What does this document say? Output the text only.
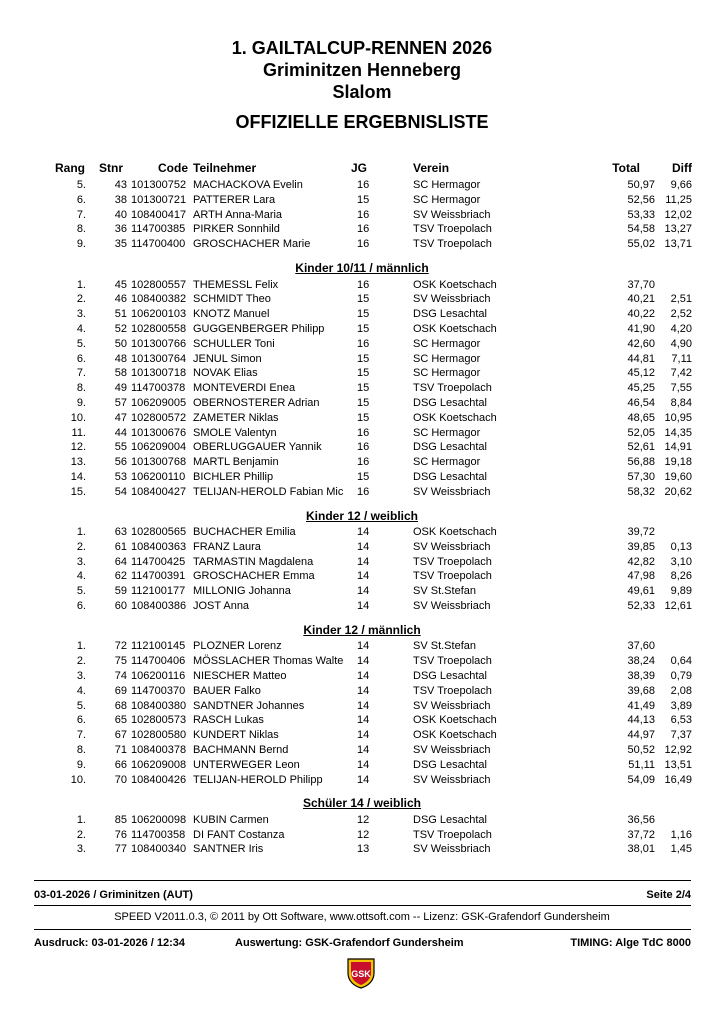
1. GAILTALCUP-RENNEN 2026
Griminitzen Henneberg
Slalom
OFFIZIELLE ERGEBNISLISTE
Rang Stnr	Code Teilnehmer	JG	Verein	Total	Diff
5.	43 101300752 MACHACKOVA Evelin	16	SC Hermagor	50,97 9,66
6.	38 101300721 PATTERER Lara	15	SC Hermagor	52,56 11,25
7.	40 108400417 ARTH Anna-Maria	16	SV Weissbriach	53,33 12,02
8.	36 114700385 PIRKER Sonnhild	16	TSV Troepolach	54,58 13,27
9.	35 114700400 GROSCHACHER Marie	16	TSV Troepolach	55,02 13,71
Kinder 10/11 / männlich
1.	45 102800557 THEMESSL Felix	16	OSK Koetschach	37,70
2.	46 108400382 SCHMIDT Theo	15	SV Weissbriach	40,21 2,51
3.	51 106200103 KNOTZ Manuel	15	DSG Lesachtal	40,22 2,52
4.	52 102800558 GUGGENBERGER Philipp	15	OSK Koetschach	41,90 4,20
5.	50 101300766 SCHULLER Toni	16	SC Hermagor	42,60 4,90
6.	48 101300764 JENUL Simon	15	SC Hermagor	44,81 7,11
7.	58 101300718 NOVAK Elias	15	SC Hermagor	45,12 7,42
8.	49 114700378 MONTEVERDI Enea	15	TSV Troepolach	45,25 7,55
9.	57 106209005 OBERNOSTERER Adrian	15	DSG Lesachtal	46,54 8,84
10.	47 102800572 ZAMETER Niklas	15	OSK Koetschach	48,65 10,95
11.	44 101300676 SMOLE Valentyn	16	SC Hermagor	52,05 14,35
12.	55 106209004 OBERLUGGAUER Yannik	16	DSG Lesachtal	52,61 14,91
13.	56 101300768 MARTL Benjamin	16	SC Hermagor	56,88 19,18
14.	53 106200110 BICHLER Phillip	15	DSG Lesachtal	57,30 19,60
15.	54 108400427 TELIJAN-HEROLD Fabian Mic 16	SV Weissbriach	58,32 20,62
Kinder 12 / weiblich
1.	63 102800565 BUCHACHER Emilia	14	OSK Koetschach	39,72
2.	61 108400363 FRANZ Laura	14	SV Weissbriach	39,85 0,13
3.	64 114700425 TARMASTIN Magdalena	14	TSV Troepolach	42,82 3,10
4.	62 114700391 GROSCHACHER Emma	14	TSV Troepolach	47,98 8,26
5.	59 112100177 MILLONIG Johanna	14	SV St.Stefan	49,61 9,89
6.	60 108400386 JOST Anna	14	SV Weissbriach	52,33 12,61
Kinder 12 / männlich
1.	72 112100145 PLOZNER Lorenz	14	SV St.Stefan	37,60
2.	75 114700406 MÖSSLACHER Thomas Walte 14	TSV Troepolach	38,24 0,64
3.	74 106200116 NIESCHER Matteo	14	DSG Lesachtal	38,39 0,79
4.	69 114700370 BAUER Falko	14	TSV Troepolach	39,68 2,08
5.	68 108400380 SANDTNER Johannes	14	SV Weissbriach	41,49 3,89
6.	65 102800573 RASCH Lukas	14	OSK Koetschach	44,13 6,53
7.	67 102800580 KUNDERT Niklas	14	OSK Koetschach	44,97 7,37
8.	71 108400378 BACHMANN Bernd	14	SV Weissbriach	50,52 12,92
9.	66 106209008 UNTERWEGER Leon	14	DSG Lesachtal	51,11 13,51
10.	70 108400426 TELIJAN-HEROLD Philipp	14	SV Weissbriach	54,09 16,49
Schüler 14 / weiblich
1.	85 106200098 KUBIN Carmen	12	DSG Lesachtal	36,56
2.	76 114700358 DI FANT Costanza	12	TSV Troepolach	37,72 1,16
3.	77 108400340 SANTNER Iris	13	SV Weissbriach	38,01 1,45
03-01-2026 / Griminitzen (AUT)	Seite 2/4
SPEED V2011.0.3, © 2011 by Ott Software, www.ottsoft.com -- Lizenz: GSK-Grafendorf Gundersheim
Ausdruck: 03-01-2026 / 12:34	Auswertung: GSK-Grafendorf Gundersheim	TIMING: Alge TdC 8000
GSK
